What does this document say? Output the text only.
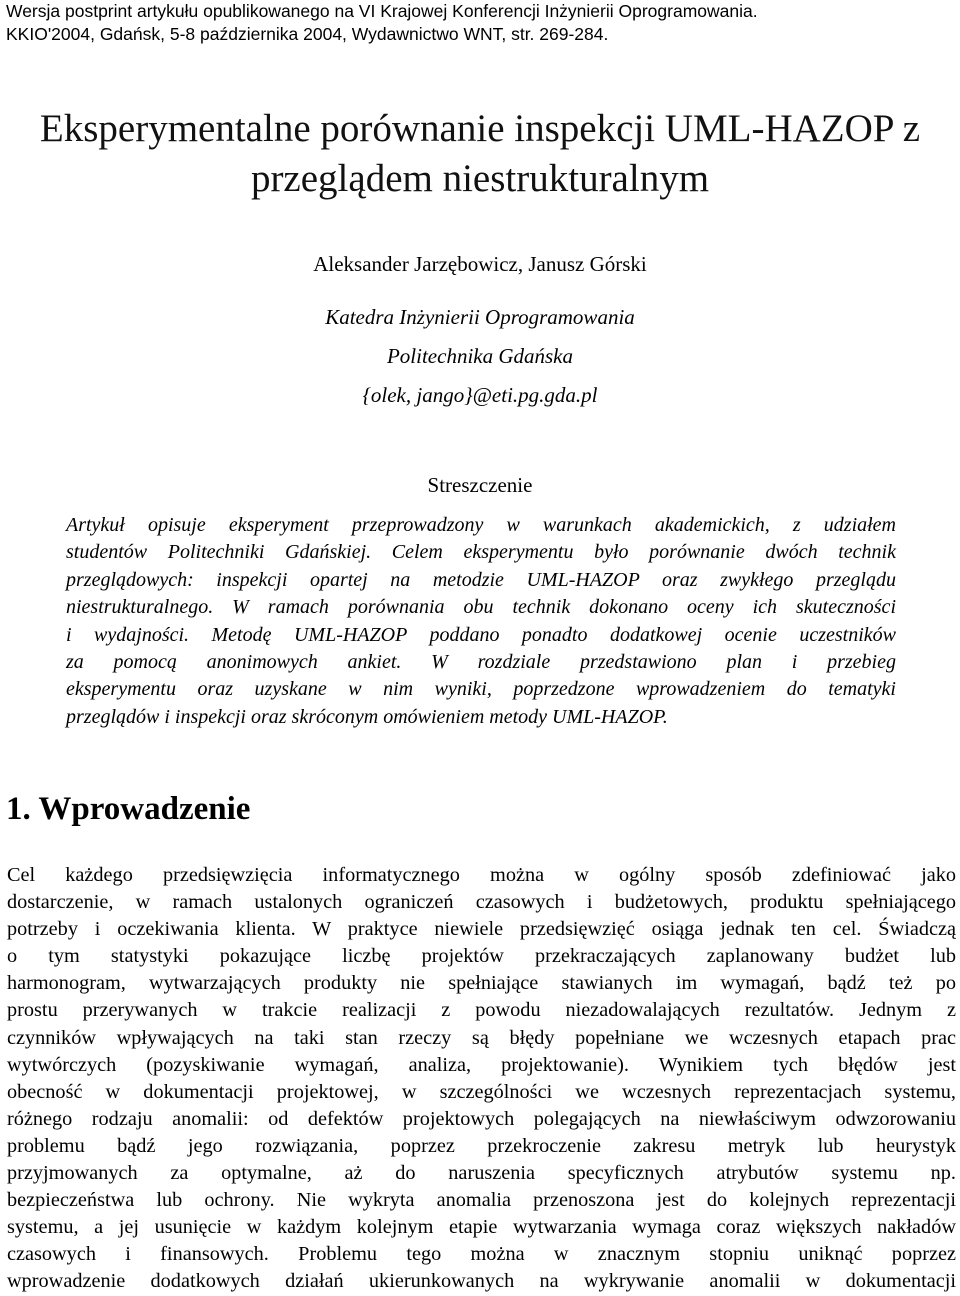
Wersja postprint artykułu opublikowanego na VI Krajowej Konferencji Inżynierii Oprogramowania.
KKIO'2004, Gdańsk, 5-8 października 2004, Wydawnictwo WNT, str. 269-284.
Eksperymentalne porównanie inspekcji UML-HAZOP z
przeglądem niestrukturalnym
Aleksander Jarzębowicz, Janusz Górski
Katedra Inżynierii Oprogramowania
Politechnika Gdańska
{olek, jango}@eti.pg.gda.pl
Streszczenie
Artykuł opisuje eksperyment przeprowadzony w warunkach akademickich, z udziałem
studentów Politechniki Gdańskiej. Celem eksperymentu było porównanie dwóch technik
przeglądowych: inspekcji opartej na metodzie UML-HAZOP oraz zwykłego przeglądu
niestrukturalnego. W ramach porównania obu technik dokonano oceny ich skuteczności
i wydajności. Metodę UML-HAZOP poddano ponadto dodatkowej ocenie uczestników
za pomocą anonimowych ankiet. W rozdziale przedstawiono plan i przebieg
eksperymentu oraz uzyskane w nim wyniki, poprzedzone wprowadzeniem do tematyki
przeglądów i inspekcji oraz skróconym omówieniem metody UML-HAZOP.
1. Wprowadzenie
Cel każdego przedsięwzięcia informatycznego można w ogólny sposób zdefiniować jako
dostarczenie, w ramach ustalonych ograniczeń czasowych i budżetowych, produktu spełniającego
potrzeby i oczekiwania klienta. W praktyce niewiele przedsięwzięć osiąga jednak ten cel. Świadczą
o tym statystyki pokazujące liczbę projektów przekraczających zaplanowany budżet lub
harmonogram, wytwarzających produkty nie spełniające stawianych im wymagań, bądź też po
prostu przerywanych w trakcie realizacji z powodu niezadowalających rezultatów. Jednym z
czynników wpływających na taki stan rzeczy są błędy popełniane we wczesnych etapach prac
wytwórczych (pozyskiwanie wymagań, analiza, projektowanie). Wynikiem tych błędów jest
obecność w dokumentacji projektowej, w szczególności we wczesnych reprezentacjach systemu,
różnego rodzaju anomalii: od defektów projektowych polegających na niewłaściwym odwzorowaniu
problemu bądź jego rozwiązania, poprzez przekroczenie zakresu metryk lub heurystyk
przyjmowanych za optymalne, aż do naruszenia specyficznych atrybutów systemu np.
bezpieczeństwa lub ochrony. Nie wykryta anomalia przenoszona jest do kolejnych reprezentacji
systemu, a jej usunięcie w każdym kolejnym etapie wytwarzania wymaga coraz większych nakładów
czasowych i finansowych. Problemu tego można w znacznym stopniu uniknąć poprzez
wprowadzenie dodatkowych działań ukierunkowanych na wykrywanie anomalii w dokumentacji
